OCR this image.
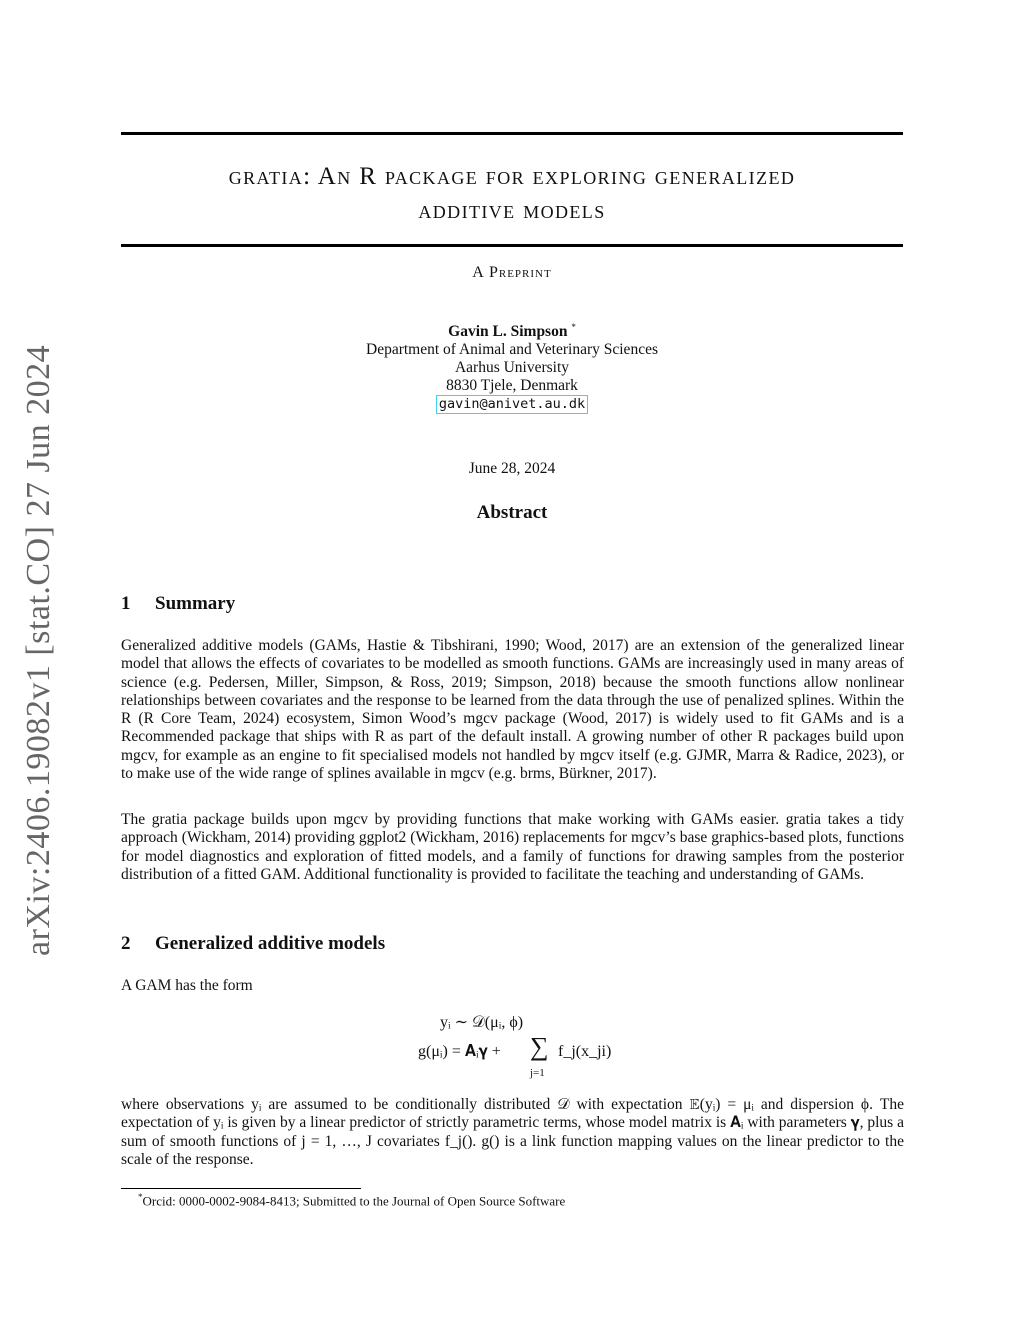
arXiv:2406.19082v1 [stat.CO] 27 Jun 2024
gratia: An R package for exploring generalized
additive models
A Preprint
Gavin L. Simpson *
Department of Animal and Veterinary Sciences
Aarhus University
8830 Tjele, Denmark
gavin@anivet.au.dk
June 28, 2024
Abstract
1 Summary
Generalized additive models (GAMs, Hastie & Tibshirani, 1990; Wood, 2017) are an extension of the generalized linear model that allows the effects of covariates to be modelled as smooth functions. GAMs are increasingly used in many areas of science (e.g. Pedersen, Miller, Simpson, & Ross, 2019; Simpson, 2018) because the smooth functions allow nonlinear relationships between covariates and the response to be learned from the data through the use of penalized splines. Within the R (R Core Team, 2024) ecosystem, Simon Wood’s mgcv package (Wood, 2017) is widely used to fit GAMs and is a Recommended package that ships with R as part of the default install. A growing number of other R packages build upon mgcv, for example as an engine to fit specialised models not handled by mgcv itself (e.g. GJMR, Marra & Radice, 2023), or to make use of the wide range of splines available in mgcv (e.g. brms, Bürkner, 2017).
The gratia package builds upon mgcv by providing functions that make working with GAMs easier. gratia takes a tidy approach (Wickham, 2014) providing ggplot2 (Wickham, 2016) replacements for mgcv’s base graphics-based plots, functions for model diagnostics and exploration of fitted models, and a family of functions for drawing samples from the posterior distribution of a fitted GAM. Additional functionality is provided to facilitate the teaching and understanding of GAMs.
2 Generalized additive models
A GAM has the form
yᵢ ∼ 𝒟(μᵢ, ϕ)
g(μᵢ) = 𝐀ᵢ𝛄 + ∑
j=1
f_j(x_ji)
where observations yᵢ are assumed to be conditionally distributed 𝒟 with expectation 𝔼(yᵢ) = μᵢ and dispersion ϕ. The expectation of yᵢ is given by a linear predictor of strictly parametric terms, whose model matrix is 𝐀ᵢ with parameters 𝛄, plus a sum of smooth functions of j = 1, …, J covariates f_j(). g() is a link function mapping values on the linear predictor to the scale of the response.
*Orcid: 0000-0002-9084-8413; Submitted to the Journal of Open Source Software
